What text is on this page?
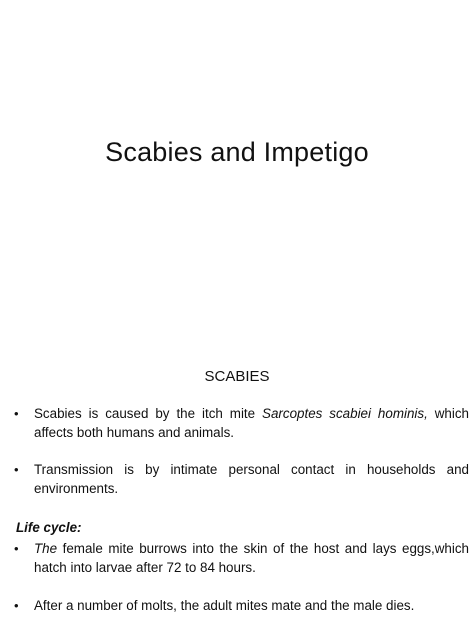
Scabies and Impetigo
SCABIES
• Scabies is caused by the itch mite Sarcoptes scabiei hominis, which affects both humans and animals.
• Transmission is by intimate personal contact in households and environments.
Life cycle:
• The female mite burrows into the skin of the host and lays eggs,which hatch into larvae after 72 to 84 hours.
• After a number of molts, the adult mites mate and the male dies.
